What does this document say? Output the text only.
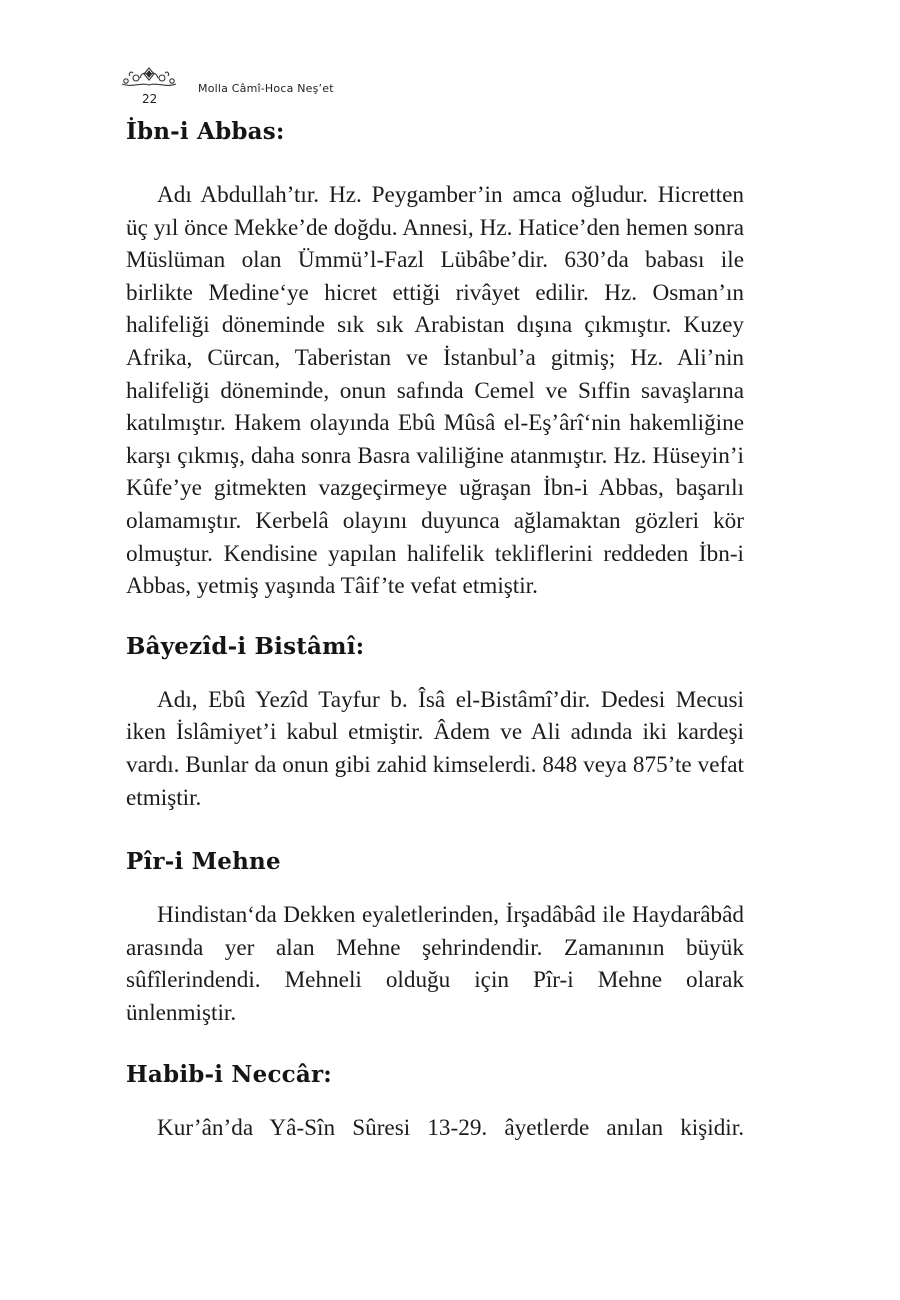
22
Molla Câmî-Hoca Neş’et
İbn-i Abbas:

Adı Abdullah’tır. Hz. Peygamber’in amca oğludur. Hicretten üç yıl önce Mekke’de doğdu. Annesi, Hz. Hatice’den hemen sonra Müslüman olan Ümmü’l-Fazl Lübâbe’dir. 630’da babası ile birlikte Medine‘ye hicret ettiği rivâyet edilir. Hz. Osman’ın halifeliği döneminde sık sık Arabistan dışına çıkmıştır. Kuzey Afrika, Cürcan, Taberistan ve İstanbul’a gitmiş; Hz. Ali’nin halifeliği döneminde, onun safında Cemel ve Sıffin savaşlarına katılmıştır. Hakem olayında Ebû Mûsâ el-Eş’ârî‘nin hakemliğine karşı çıkmış, daha sonra Basra valiliğine atanmıştır. Hz. Hüseyin’i Kûfe’ye gitmekten vazgeçirmeye uğraşan İbn-i Abbas, başarılı olamamıştır. Kerbelâ olayını duyunca ağlamaktan gözleri kör olmuştur. Kendisine yapılan halifelik tekliflerini reddeden İbn-i Abbas, yetmiş yaşında Tâif’te vefat etmiştir.

Bâyezîd-i Bistâmî:

Adı, Ebû Yezîd Tayfur b. Îsâ el-Bistâmî’dir. Dedesi Mecusi iken İslâmiyet’i kabul etmiştir. Âdem ve Ali adında iki kardeşi vardı. Bunlar da onun gibi zahid kimselerdi. 848 veya 875’te vefat etmiştir.

Pîr-i Mehne

Hindistan‘da Dekken eyaletlerinden, İrşadâbâd ile Haydarâbâd arasında yer alan Mehne şehrindendir. Zamanının büyük sûfîlerindendi. Mehneli olduğu için Pîr-i Mehne olarak ünlenmiştir.

Habib-i Neccâr:

Kur’ân’da Yâ-Sîn Sûresi 13-29. âyetlerde anılan kişidir.
